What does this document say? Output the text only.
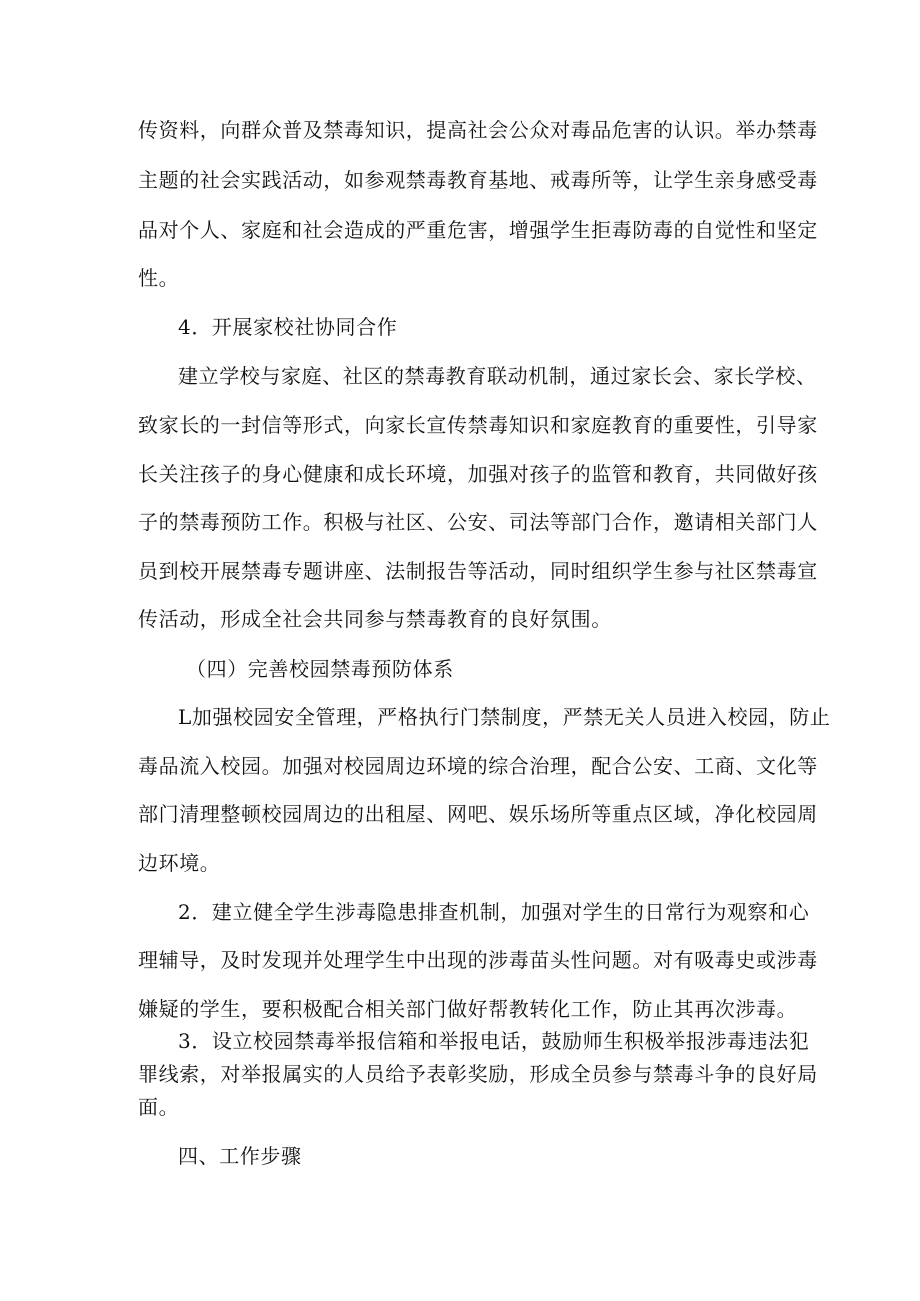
传资料，向群众普及禁毒知识，提高社会公众对毒品危害的认识。举办禁毒
主题的社会实践活动，如参观禁毒教育基地、戒毒所等，让学生亲身感受毒
品对个人、家庭和社会造成的严重危害，增强学生拒毒防毒的自觉性和坚定
性。
4．开展家校社协同合作
建立学校与家庭、社区的禁毒教育联动机制，通过家长会、家长学校、
致家长的一封信等形式，向家长宣传禁毒知识和家庭教育的重要性，引导家
长关注孩子的身心健康和成长环境，加强对孩子的监管和教育，共同做好孩
子的禁毒预防工作。积极与社区、公安、司法等部门合作，邀请相关部门人
员到校开展禁毒专题讲座、法制报告等活动，同时组织学生参与社区禁毒宣
传活动，形成全社会共同参与禁毒教育的良好氛围。
（四）完善校园禁毒预防体系
L加强校园安全管理，严格执行门禁制度，严禁无关人员进入校园，防止
毒品流入校园。加强对校园周边环境的综合治理，配合公安、工商、文化等
部门清理整顿校园周边的出租屋、网吧、娱乐场所等重点区域，净化校园周
边环境。
2．建立健全学生涉毒隐患排查机制，加强对学生的日常行为观察和心
理辅导，及时发现并处理学生中出现的涉毒苗头性问题。对有吸毒史或涉毒
嫌疑的学生，要积极配合相关部门做好帮教转化工作，防止其再次涉毒。
3．设立校园禁毒举报信箱和举报电话，鼓励师生积极举报涉毒违法犯
罪线索，对举报属实的人员给予表彰奖励，形成全员参与禁毒斗争的良好局
面。
四、工作步骤
